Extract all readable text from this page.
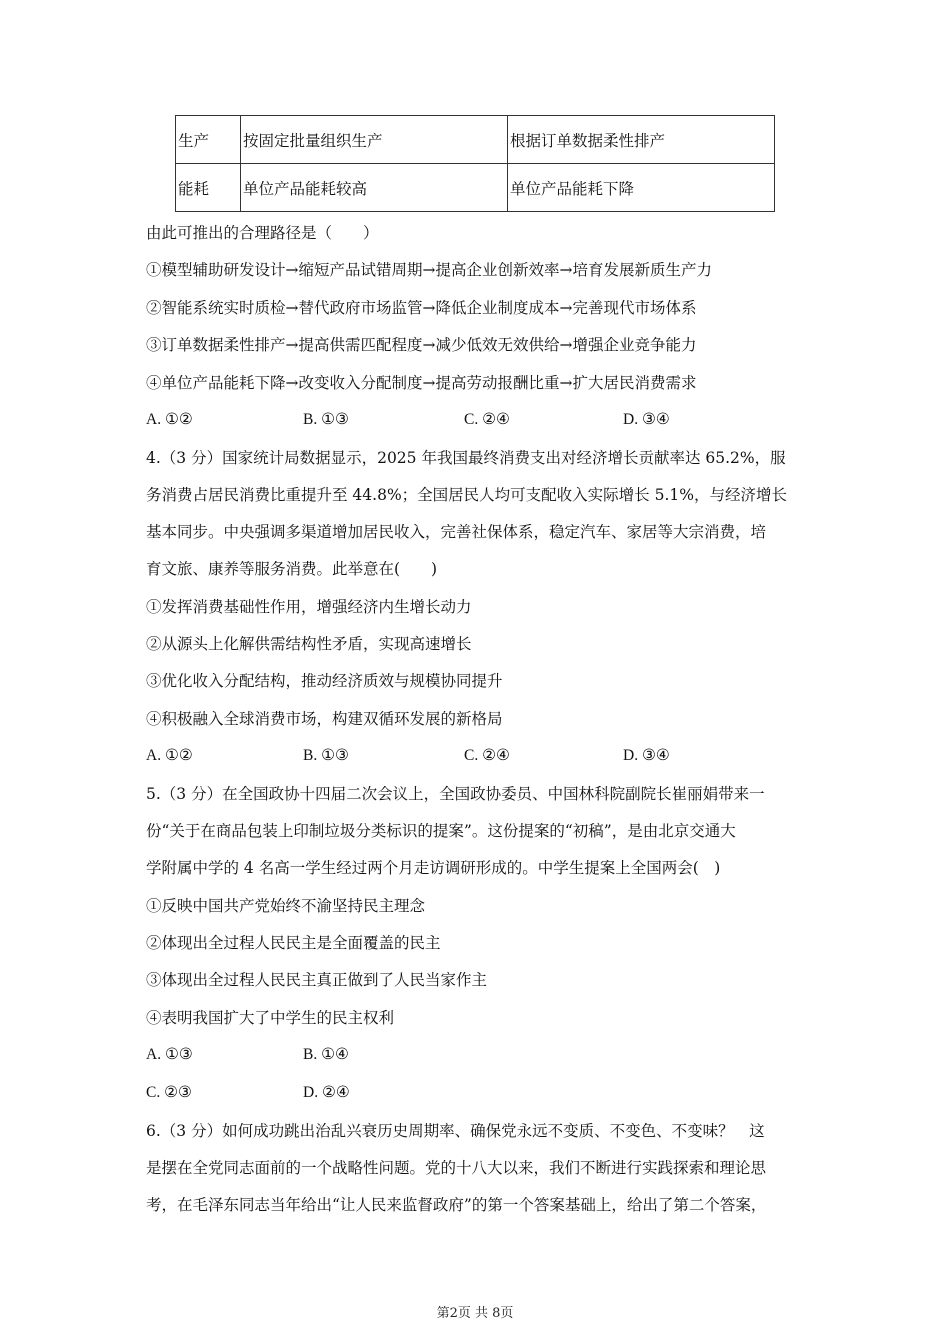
生产	按固定批量组织生产	根据订单数据柔性排产
能耗	单位产品能耗较高	单位产品能耗下降
由此可推出的合理路径是（　　）
①模型辅助研发设计→缩短产品试错周期→提高企业创新效率→培育发展新质生产力
②智能系统实时质检→替代政府市场监管→降低企业制度成本→完善现代市场体系
③订单数据柔性排产→提高供需匹配程度→减少低效无效供给→增强企业竞争能力
④单位产品能耗下降→改变收入分配制度→提高劳动报酬比重→扩大居民消费需求
A. ①②	B. ①③	C. ②④	D. ③④
4.（3 分）国家统计局数据显示，2025 年我国最终消费支出对经济增长贡献率达 65.2%，服
务消费占居民消费比重提升至 44.8%；全国居民人均可支配收入实际增长 5.1%，与经济增长
基本同步。中央强调多渠道增加居民收入，完善社保体系，稳定汽车、家居等大宗消费，培
育文旅、康养等服务消费。此举意在(　　)
①发挥消费基础性作用，增强经济内生增长动力
②从源头上化解供需结构性矛盾，实现高速增长
③优化收入分配结构，推动经济质效与规模协同提升
④积极融入全球消费市场，构建双循环发展的新格局
A. ①②	B. ①③	C. ②④	D. ③④
5.（3 分）在全国政协十四届二次会议上，全国政协委员、中国林科院副院长崔丽娟带来一
份“关于在商品包装上印制垃圾分类标识的提案”。这份提案的“初稿”，是由北京交通大
学附属中学的 4 名高一学生经过两个月走访调研形成的。中学生提案上全国两会(　)
①反映中国共产党始终不渝坚持民主理念
②体现出全过程人民民主是全面覆盖的民主
③体现出全过程人民民主真正做到了人民当家作主
④表明我国扩大了中学生的民主权利
A. ①③	B. ①④
C. ②③	D. ②④
6.（3 分）如何成功跳出治乱兴衰历史周期率、确保党永远不变质、不变色、不变味？　这
是摆在全党同志面前的一个战略性问题。党的十八大以来，我们不断进行实践探索和理论思
考，在毛泽东同志当年给出“让人民来监督政府”的第一个答案基础上，给出了第二个答案，
第2页 共 8页
